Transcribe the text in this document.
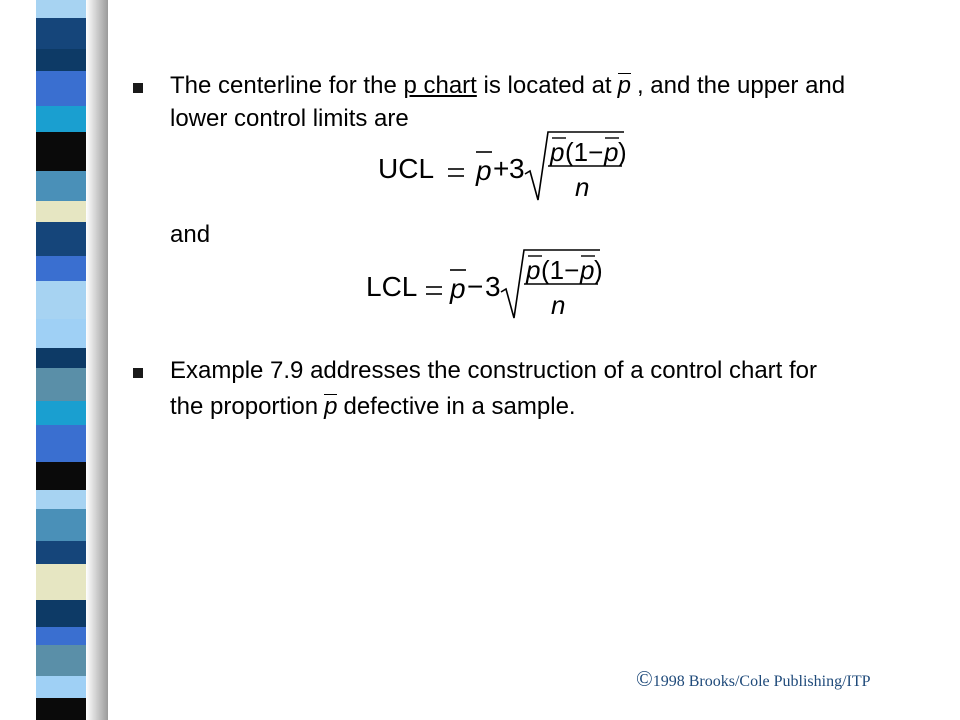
The centerline for the p chart is located at p , and the upper and
lower control limits are
UCL p + 3
p (1− p )
n
and
LCL p − 3
p (1− p )
n
Example 7.9 addresses the construction of a control chart for
the proportion p defective in a sample.
©1998 Brooks/Cole Publishing/ITP
